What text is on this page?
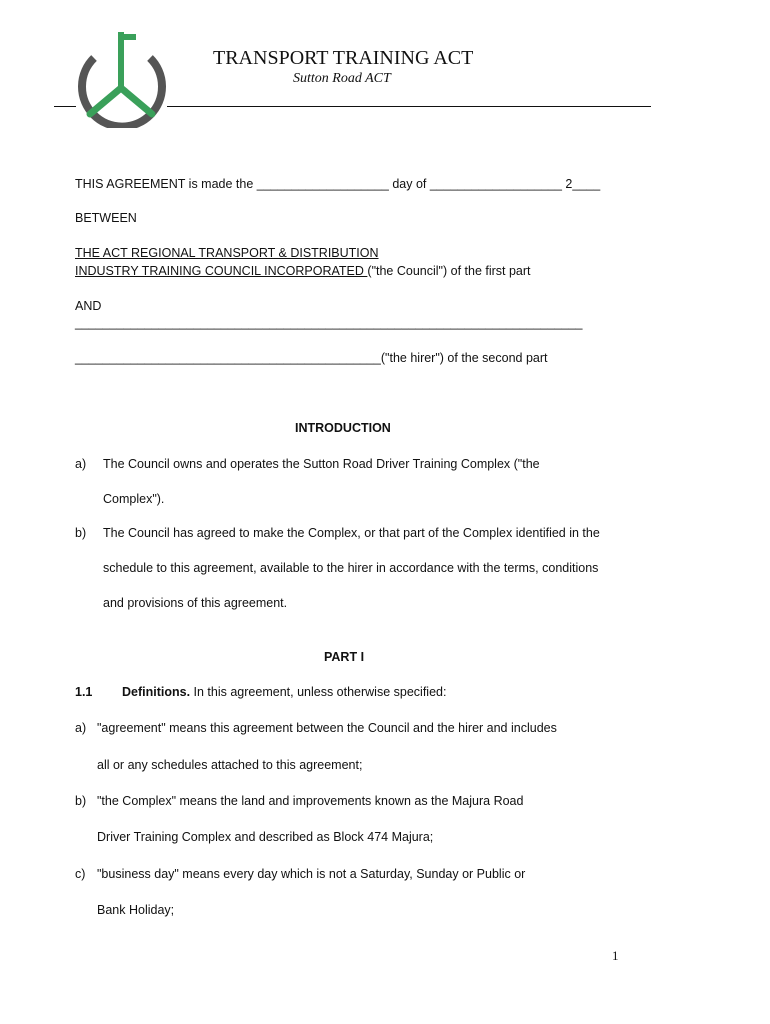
TRANSPORT TRAINING ACT
Sutton Road ACT
THIS AGREEMENT is made the ___________________ day of ___________________ 2____
BETWEEN
THE ACT REGIONAL TRANSPORT & DISTRIBUTION
INDUSTRY TRAINING COUNCIL INCORPORATED ("the Council") of the first part
AND
_________________________________________________________________________
____________________________________________("the hirer") of the second part
INTRODUCTION
a) The Council owns and operates the Sutton Road Driver Training Complex ("the
Complex").
b) The Council has agreed to make the Complex, or that part of the Complex identified in the
schedule to this agreement, available to the hirer in accordance with the terms, conditions
and provisions of this agreement.
PART I
1.1 Definitions. In this agreement, unless otherwise specified:
a) "agreement" means this agreement between the Council and the hirer and includes
all or any schedules attached to this agreement;
b) "the Complex" means the land and improvements known as the Majura Road
Driver Training Complex and described as Block 474 Majura;
c) "business day" means every day which is not a Saturday, Sunday or Public or
Bank Holiday;
1
